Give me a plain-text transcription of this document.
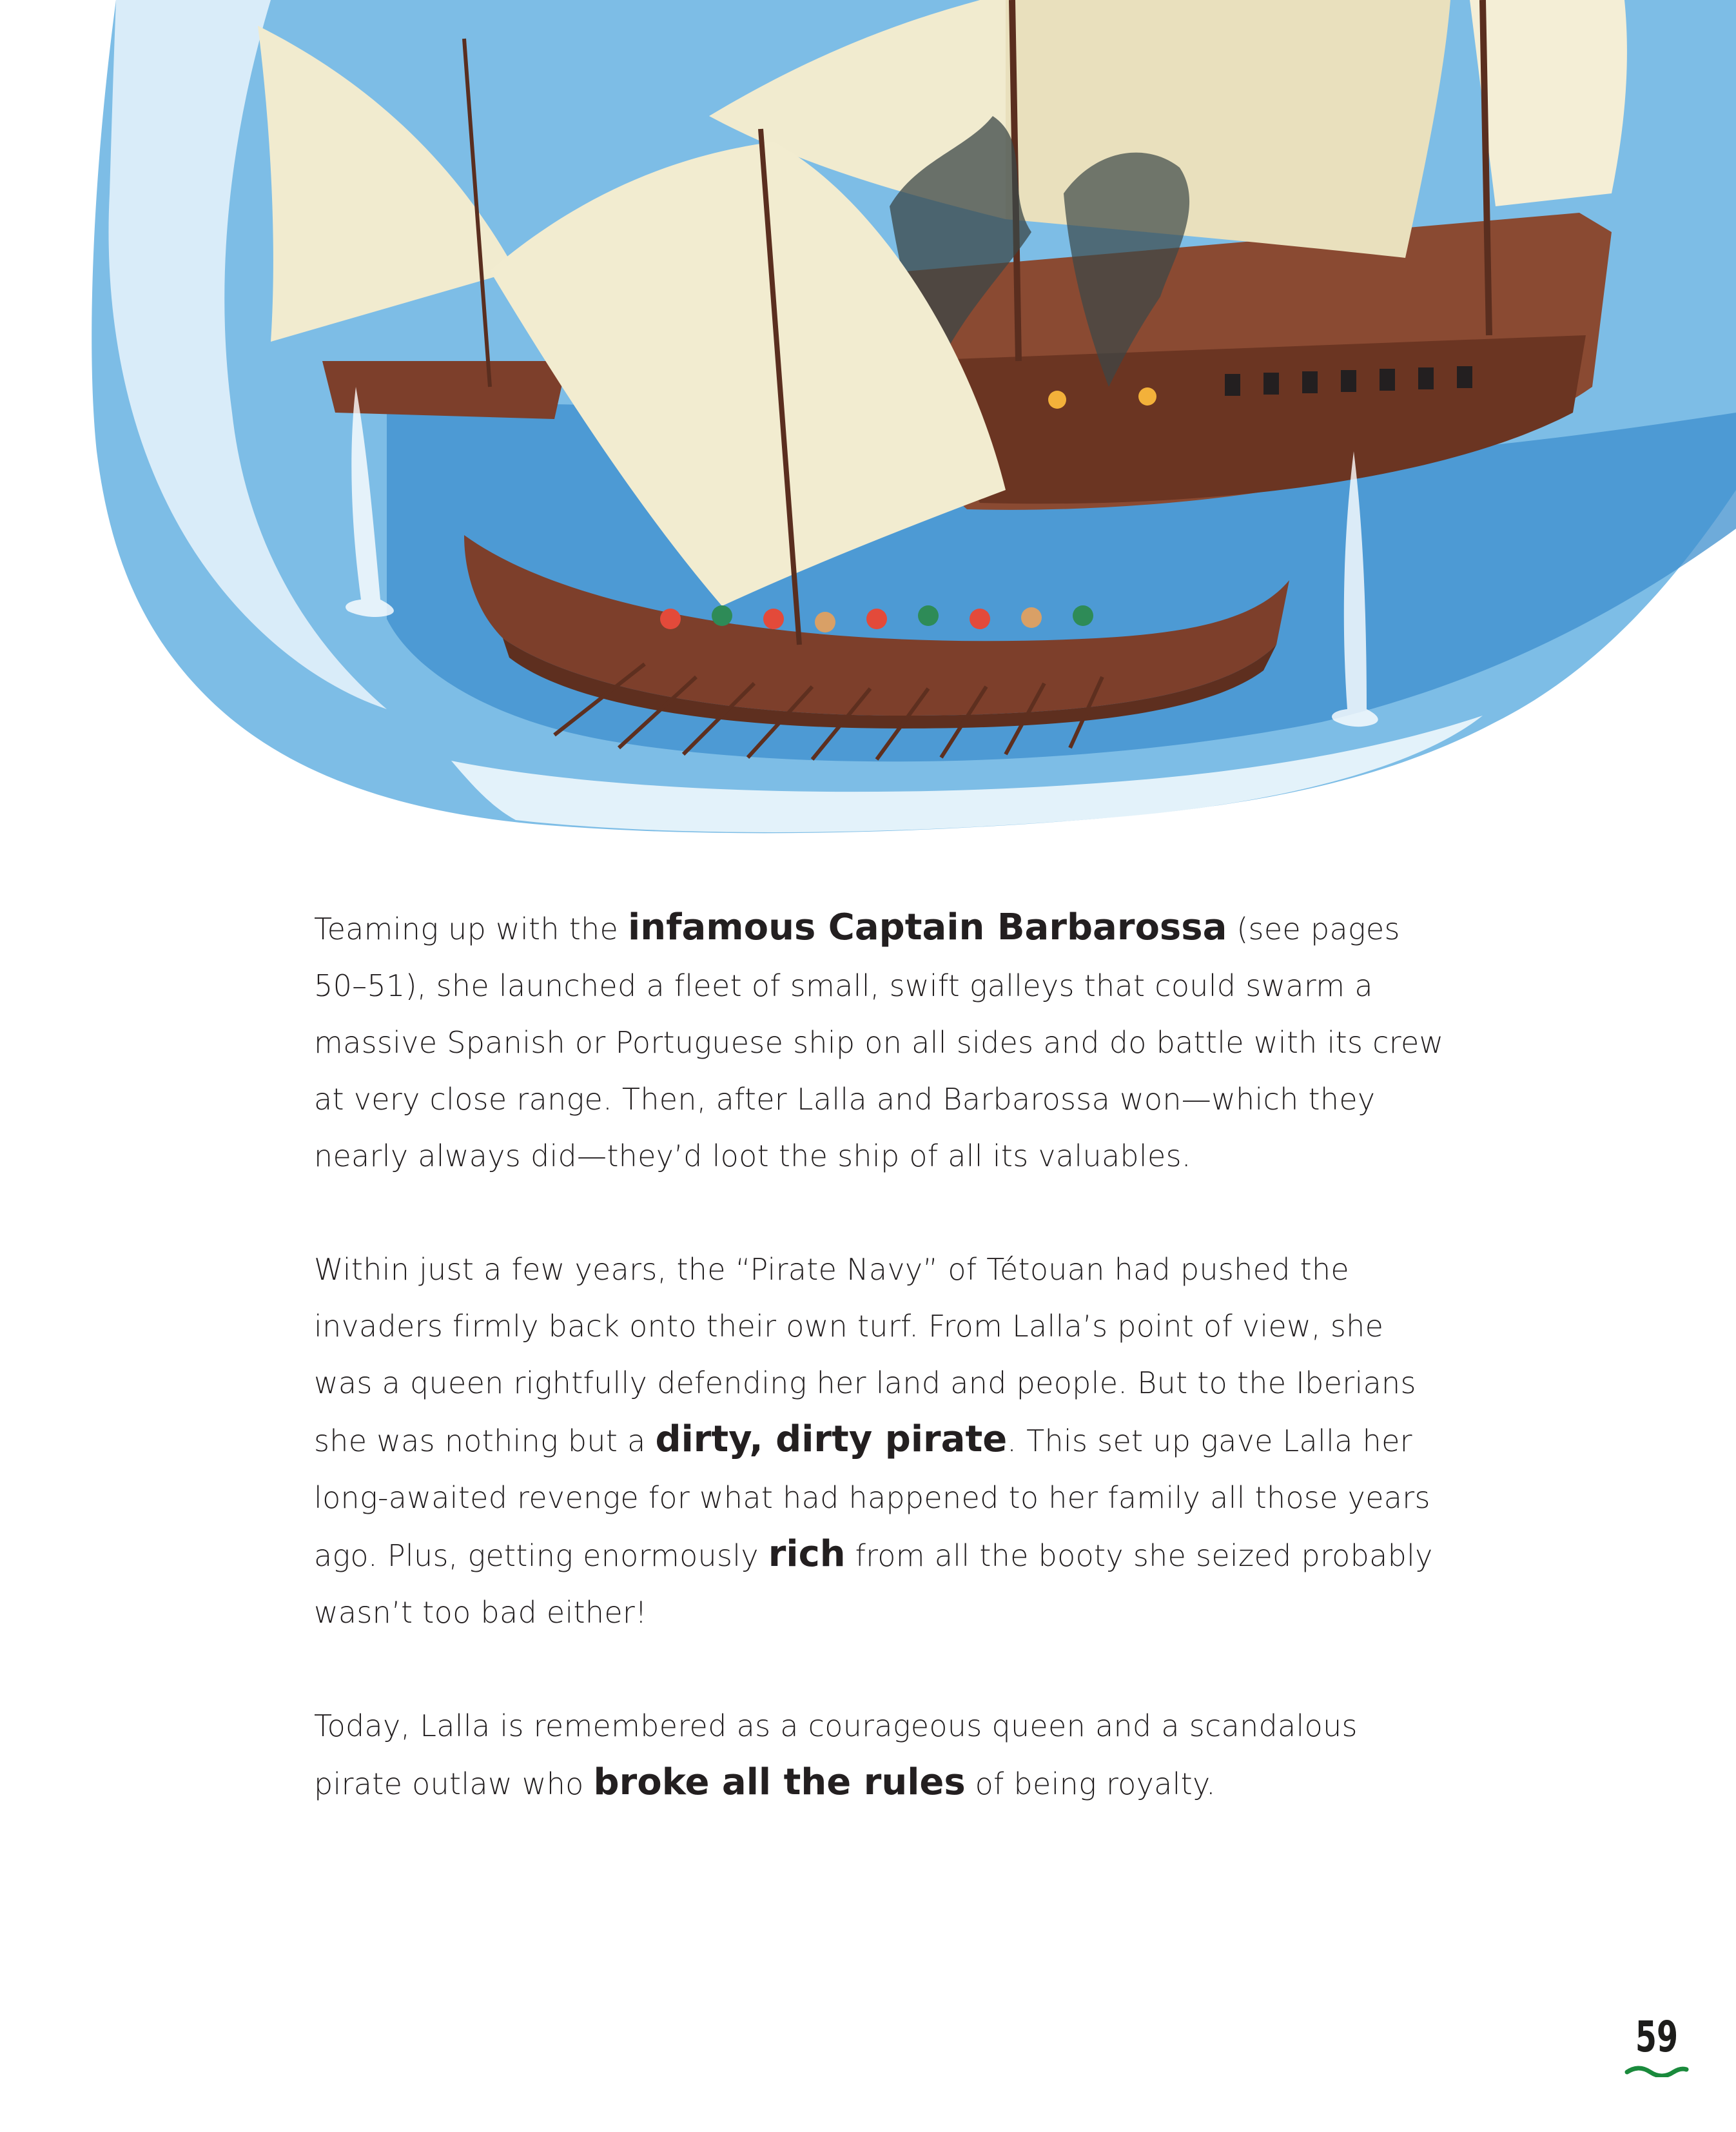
Teaming up with the infamous Captain Barbarossa (see pages 50–51), she launched a fleet of small, swift galleys that could swarm a massive Spanish or Portuguese ship on all sides and do battle with its crew at very close range. Then, after Lalla and Barbarossa won—which they nearly always did—they’d loot the ship of all its valuables.

Within just a few years, the “Pirate Navy” of Tétouan had pushed the invaders firmly back onto their own turf. From Lalla’s point of view, she was a queen rightfully defending her land and people. But to the Iberians she was nothing but a dirty, dirty pirate. This set up gave Lalla her long-awaited revenge for what had happened to her family all those years ago. Plus, getting enormously rich from all the booty she seized probably wasn’t too bad either!

Today, Lalla is remembered as a courageous queen and a scandalous pirate outlaw who broke all the rules of being royalty.

59
